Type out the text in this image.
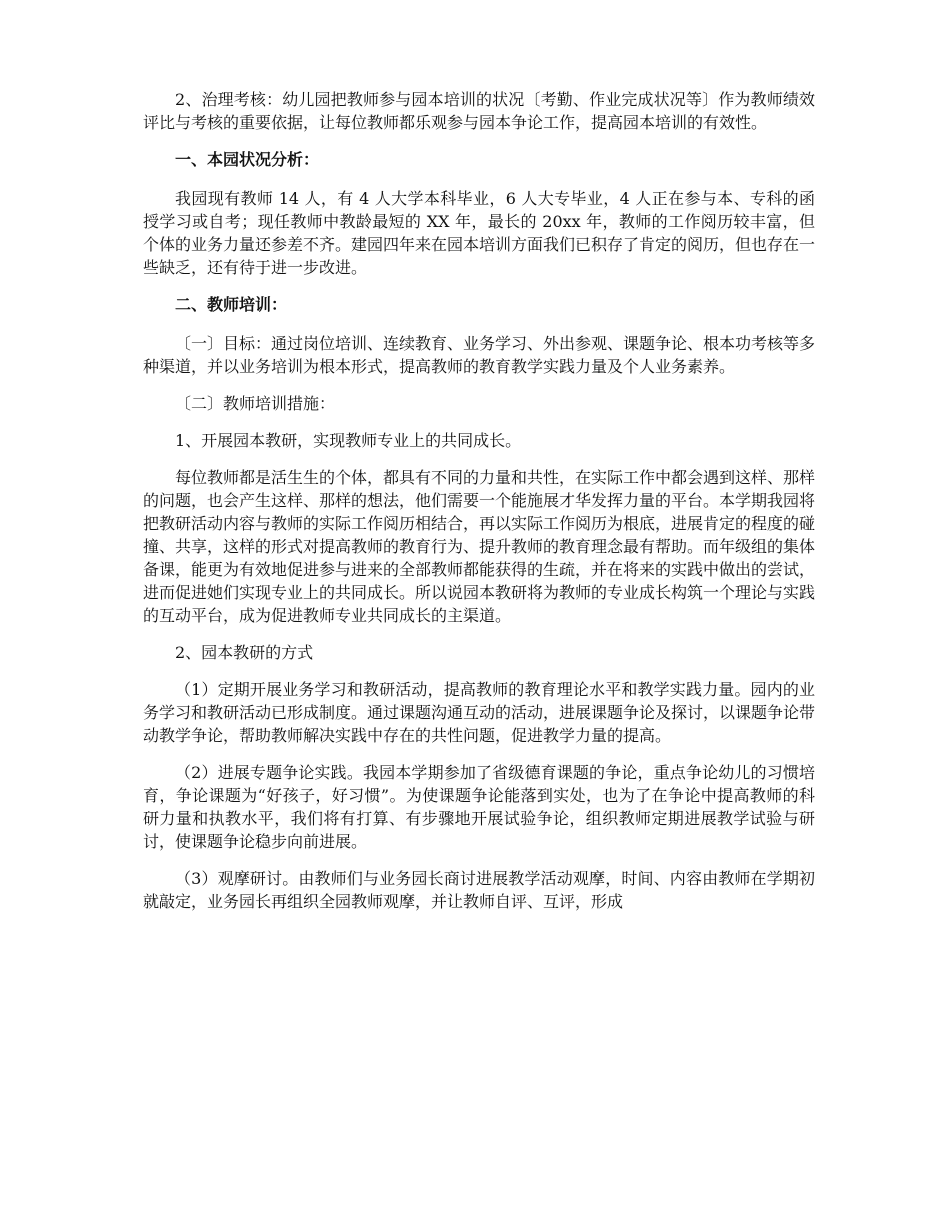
2、治理考核：幼儿园把教师参与园本培训的状况〔考勤、作业完成状况等〕作为教师绩效评比与考核的重要依据，让每位教师都乐观参与园本争论工作，提高园本培训的有效性。

一、本园状况分析：

我园现有教师 14 人，有 4 人大学本科毕业，6 人大专毕业，4 人正在参与本、专科的函授学习或自考；现任教师中教龄最短的 XX 年，最长的 20xx 年，教师的工作阅历较丰富，但个体的业务力量还参差不齐。建园四年来在园本培训方面我们已积存了肯定的阅历，但也存在一些缺乏，还有待于进一步改进。

二、教师培训：

〔一〕目标：通过岗位培训、连续教育、业务学习、外出参观、课题争论、根本功考核等多种渠道，并以业务培训为根本形式，提高教师的教育教学实践力量及个人业务素养。

〔二〕教师培训措施：

1、开展园本教研，实现教师专业上的共同成长。

每位教师都是活生生的个体，都具有不同的力量和共性，在实际工作中都会遇到这样、那样的问题，也会产生这样、那样的想法，他们需要一个能施展才华发挥力量的平台。本学期我园将把教研活动内容与教师的实际工作阅历相结合，再以实际工作阅历为根底，进展肯定的程度的碰撞、共享，这样的形式对提高教师的教育行为、提升教师的教育理念最有帮助。而年级组的集体备课，能更为有效地促进参与进来的全部教师都能获得的生疏，并在将来的实践中做出的尝试，进而促进她们实现专业上的共同成长。所以说园本教研将为教师的专业成长构筑一个理论与实践的互动平台，成为促进教师专业共同成长的主渠道。

2、园本教研的方式

（1）定期开展业务学习和教研活动，提高教师的教育理论水平和教学实践力量。园内的业务学习和教研活动已形成制度。通过课题沟通互动的活动，进展课题争论及探讨，以课题争论带动教学争论，帮助教师解决实践中存在的共性问题，促进教学力量的提高。

（2）进展专题争论实践。我园本学期参加了省级德育课题的争论，重点争论幼儿的习惯培育，争论课题为“好孩子，好习惯”。为使课题争论能落到实处，也为了在争论中提高教师的科研力量和执教水平，我们将有打算、有步骤地开展试验争论，组织教师定期进展教学试验与研讨，使课题争论稳步向前进展。

（3）观摩研讨。由教师们与业务园长商讨进展教学活动观摩，时间、内容由教师在学期初就敲定，业务园长再组织全园教师观摩，并让教师自评、互评，形成
